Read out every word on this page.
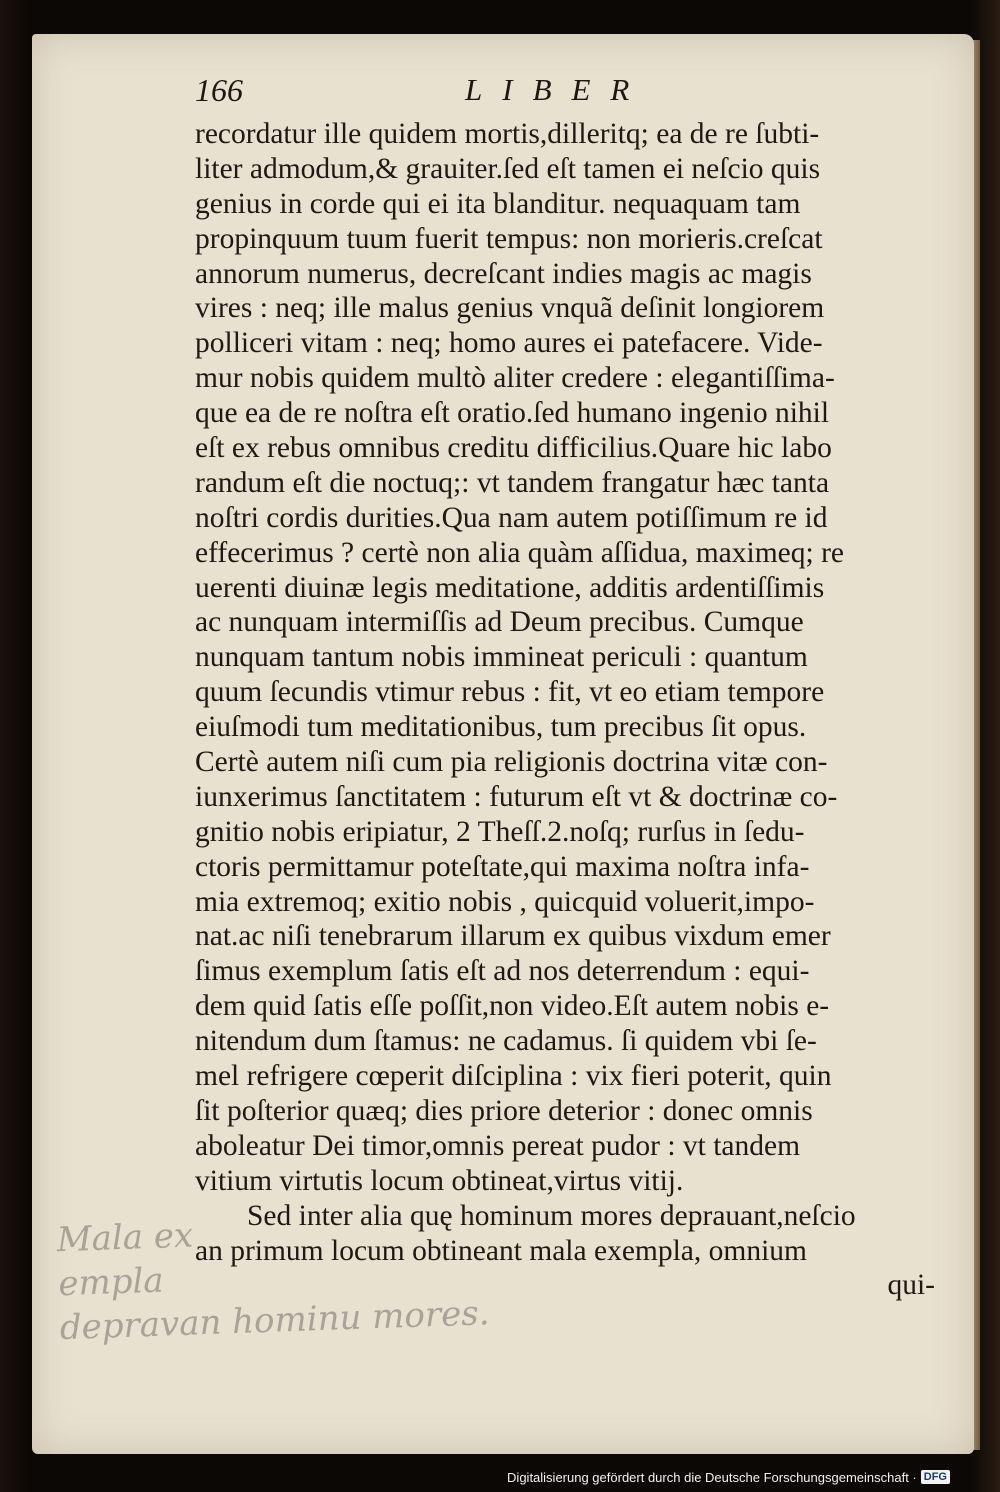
166	LIBER
recordatur ille quidem mortis,dilleritq; ea de re ſubti-
liter admodum,& grauiter.ſed eſt tamen ei neſcio quis
genius in corde qui ei ita blanditur. nequaquam tam
propinquum tuum fuerit tempus: non morieris.creſcat
annorum numerus, decreſcant indies magis ac magis
vires : neq; ille malus genius vnquã deſinit longiorem
polliceri vitam : neq; homo aures ei patefacere. Vide-
mur nobis quidem multò aliter credere : elegantiſſima-
que ea de re noſtra eſt oratio.ſed humano ingenio nihil
eſt ex rebus omnibus creditu difficilius.Quare hic labo
randum eſt die noctuq;: vt tandem frangatur hæc tanta
noſtri cordis durities.Qua nam autem potiſſimum re id
effecerimus ? certè non alia quàm aſſidua, maximeq; re
uerenti diuinæ legis meditatione, additis ardentiſſimis
ac nunquam intermiſſis ad Deum precibus. Cumque
nunquam tantum nobis immineat periculi : quantum
quum ſecundis vtimur rebus : fit, vt eo etiam tempore
eiuſmodi tum meditationibus, tum precibus ſit opus.
Certè autem niſi cum pia religionis doctrina vitæ con-
iunxerimus ſanctitatem : futurum eſt vt & doctrinæ co-
gnitio nobis eripiatur, 2 Theſſ.2.noſq; rurſus in ſedu-
ctoris permittamur poteſtate,qui maxima noſtra infa-
mia extremoq; exitio nobis , quicquid voluerit,impo-
nat.ac niſi tenebrarum illarum ex quibus vixdum emer
ſimus exemplum ſatis eſt ad nos deterrendum : equi-
dem quid ſatis eſſe poſſit,non video.Eſt autem nobis e-
nitendum dum ſtamus: ne cadamus. ſi quidem vbi ſe-
mel refrigere cœperit diſciplina : vix fieri poterit, quin
ſit poſterior quæq; dies priore deterior : donec omnis
aboleatur Dei timor,omnis pereat pudor : vt tandem
vitium virtutis locum obtineat,virtus vitij.
Sed inter alia quę hominum mores deprauant,neſcio
an primum locum obtineant mala exempla, omnium
qui-
Mala ex
empla
depravan hominu mores.
Digitalisierung gefördert durch die Deutsche Forschungsgemeinschaft · DFG
